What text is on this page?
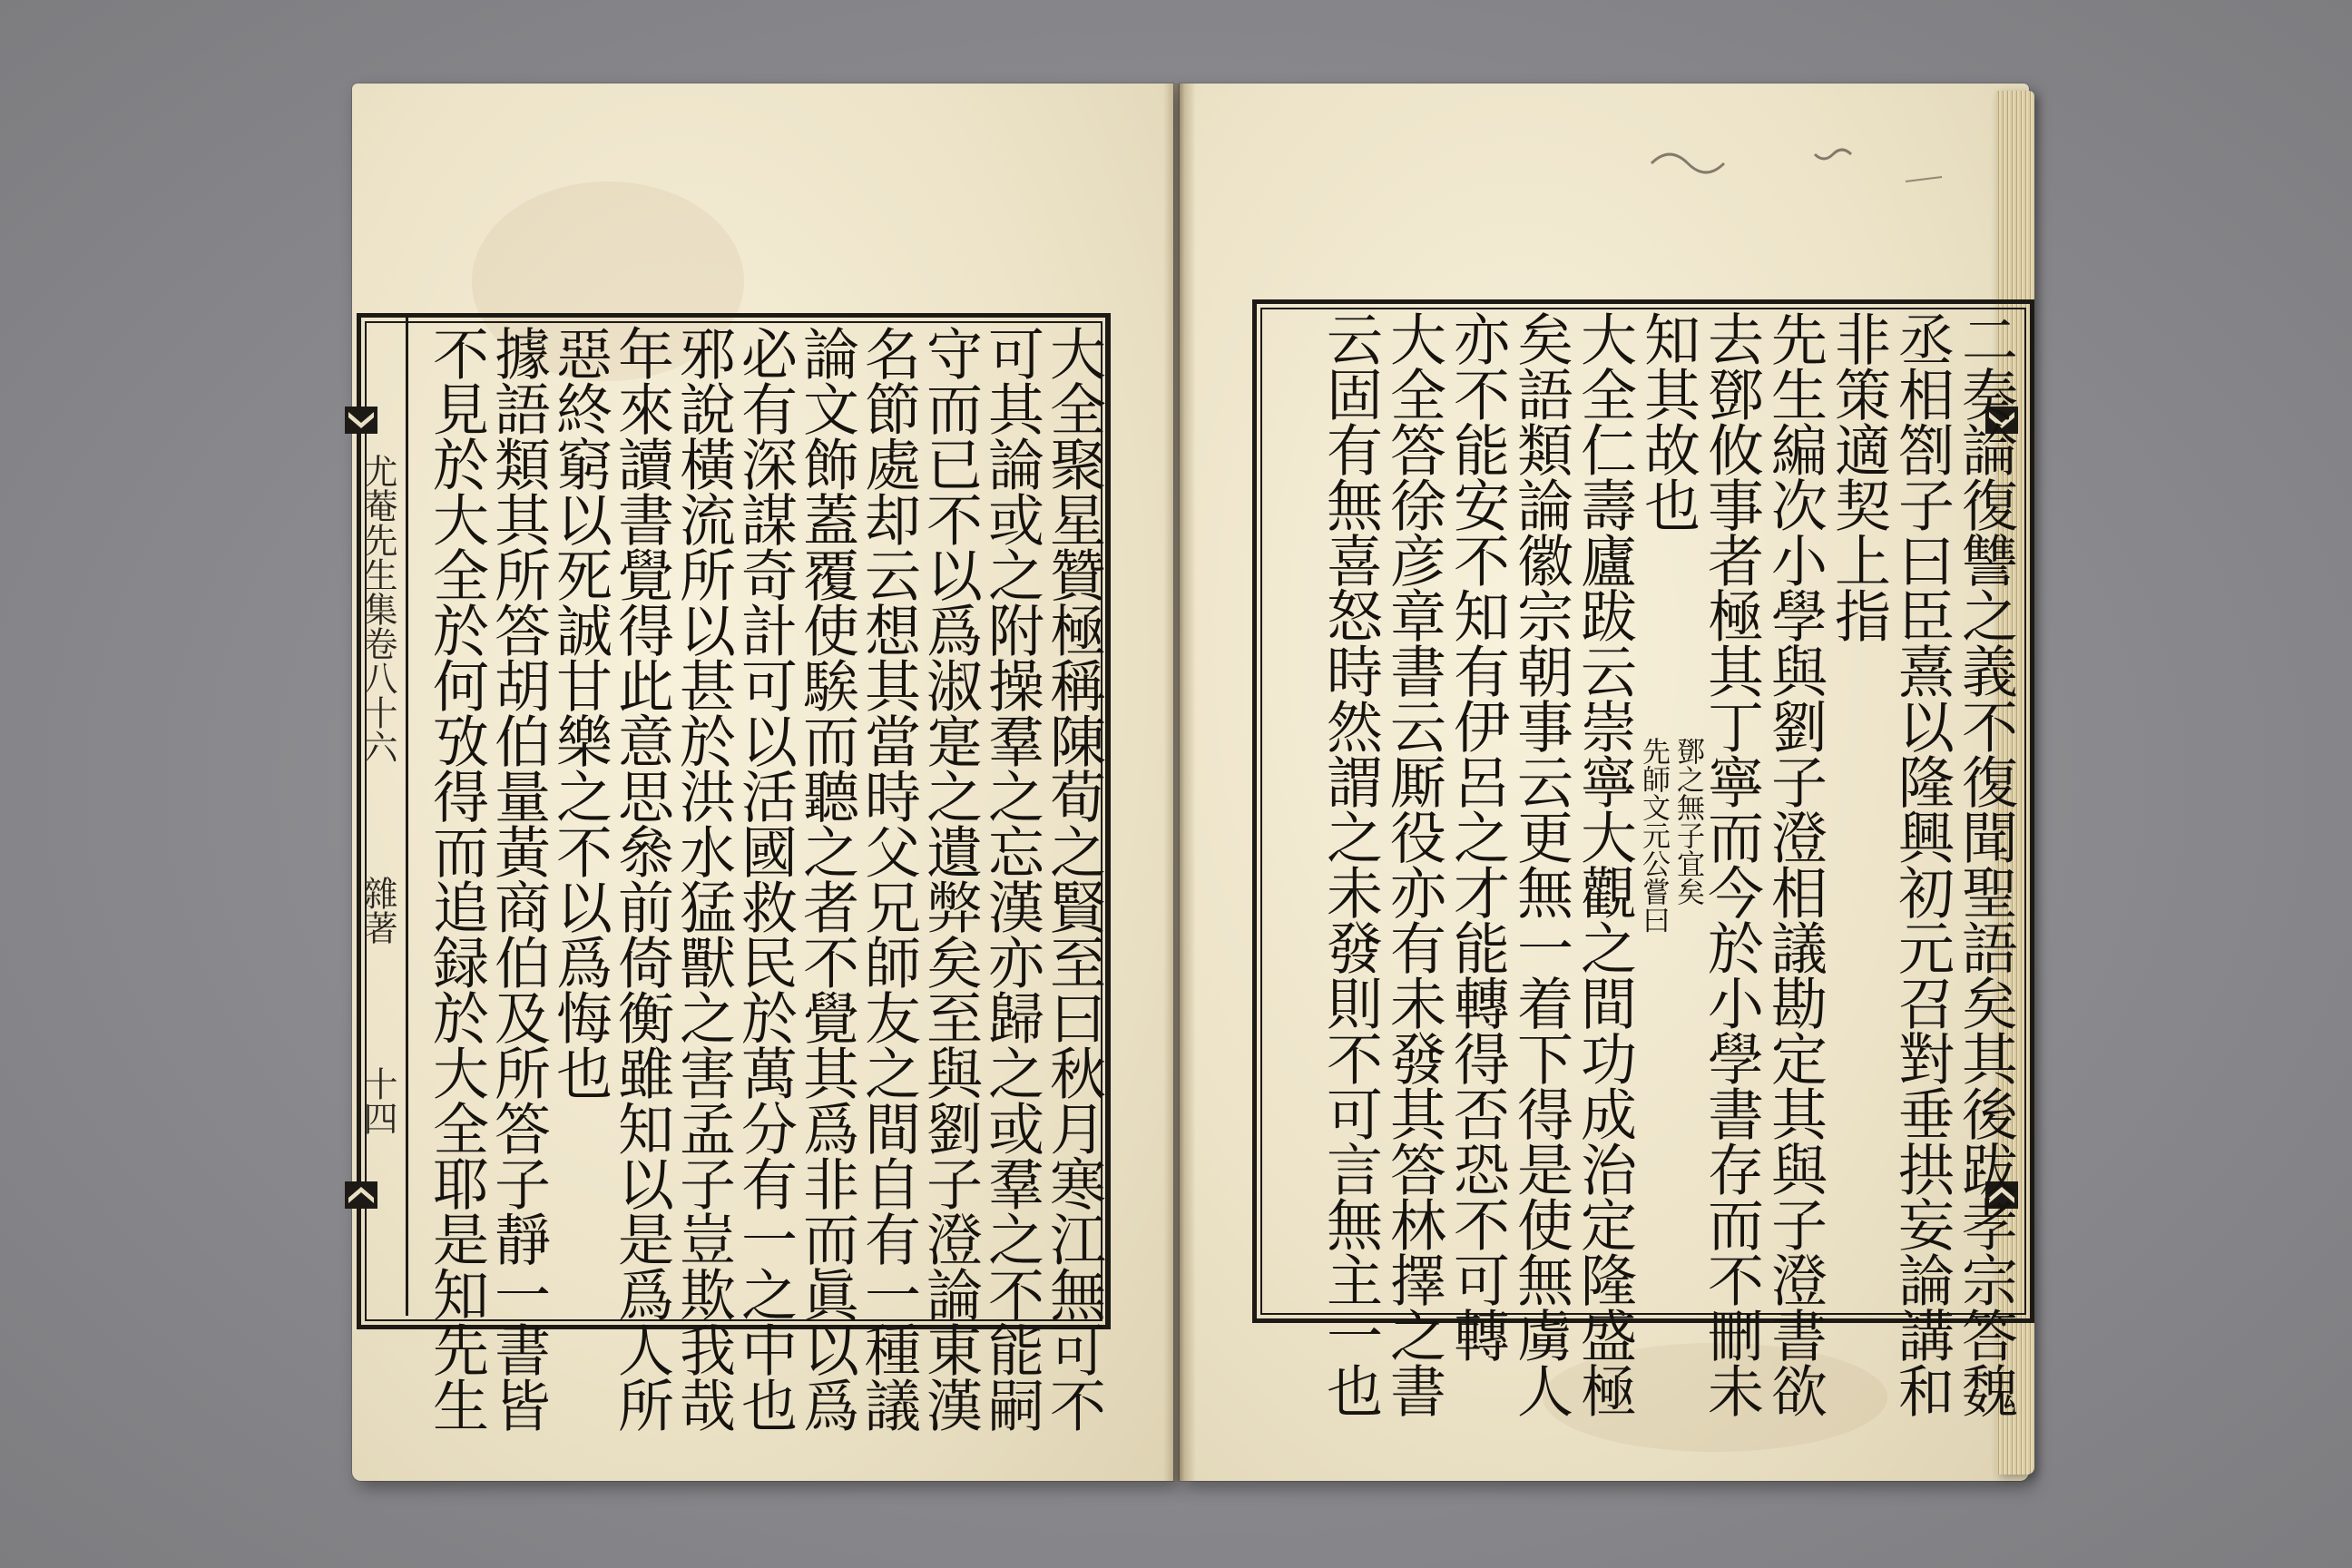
尤菴先生集卷八十六
雜著
十四	大全聚星贊極稱陳荀之賢至曰秋月寒江無可不
可其論或之附操羣之忘漢亦歸之或羣之不能嗣
守而已不以爲淑寔之遺弊矣至與劉子澄論東漢
名節處却云想其當時父兄師友之間自有一種議
論文飾蓋覆使騃而聽之者不覺其爲非而眞以爲
必有深謀奇計可以活國救民於萬分有一之中也
邪說橫流所以甚於洪水猛獸之害孟子豈欺我哉
年來讀書覺得此意思叅前倚衡雖知以是爲人所
惡終窮以死誠甘樂之不以爲悔也
據語類其所答胡伯量黃商伯及所答子靜一書皆
不見於大全於何攷得而追録於大全耶是知先生	二奏論復讐之義不復聞聖語矣其後跋孝宗答魏
丞相劄子曰臣熹以隆興初元召對垂拱妄論講和
非策適契上指
先生編次小學與劉子澄相議勘定其與子澄書欲
去鄧攸事者極其丁寧而今於小學書存而不刪未
知其故也
先師文元公嘗曰 鄧之無子宜矣
大全仁壽廬跋云崇寧大觀之間功成治定隆盛極
矣語類論徽宗朝事云更無一着下得是使無虜人
亦不能安不知有伊呂之才能轉得否恐不可轉
大全答徐彦章書云厮役亦有未發其答林擇之書
云固有無喜怒時然謂之未發則不可言無主一也
